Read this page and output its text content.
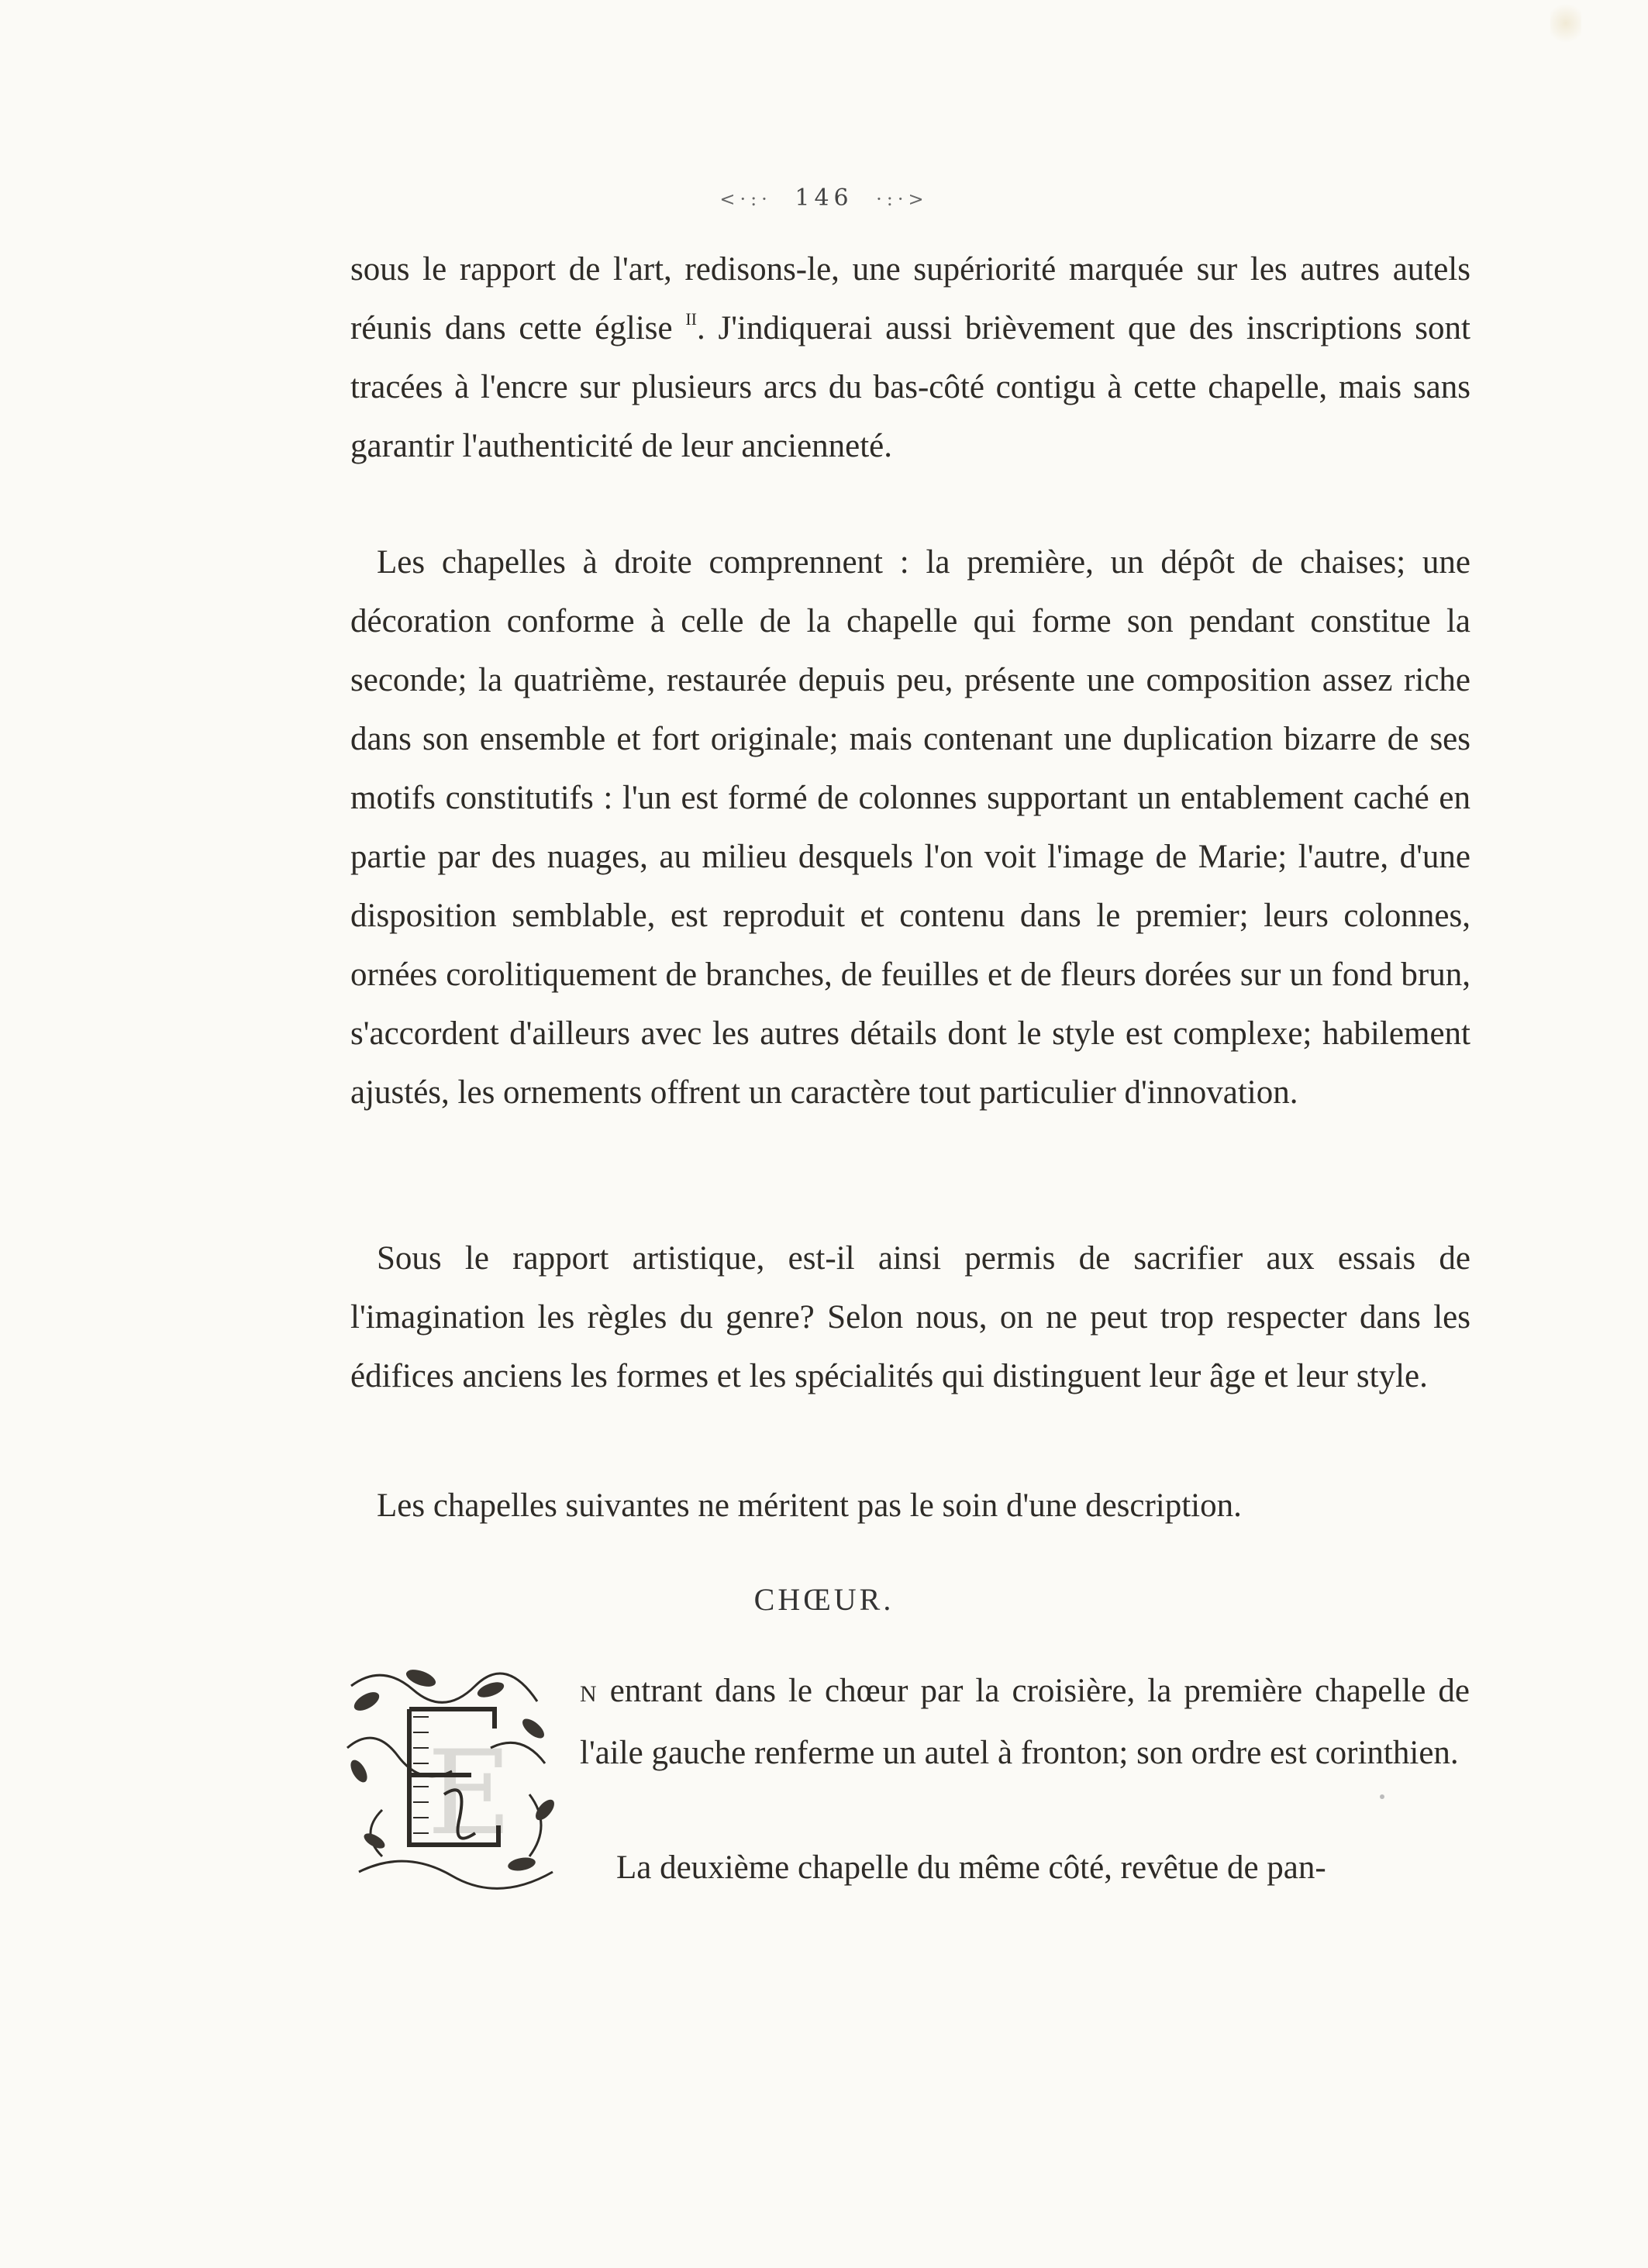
<·:· 146 ·:·>

sous le rapport de l'art, redisons-le, une supériorité marquée sur les autres autels réunis dans cette église $^{II}$. J'indiquerai aussi brièvement que des inscriptions sont tracées à l'encre sur plusieurs arcs du bas-côté contigu à cette chapelle, mais sans garantir l'authenticité de leur ancienneté.

Les chapelles à droite comprennent : la première, un dépôt de chaises; une décoration conforme à celle de la chapelle qui forme son pendant constitue la seconde; la quatrième, restaurée depuis peu, présente une composition assez riche dans son ensemble et fort originale; mais contenant une duplication bizarre de ses motifs constitutifs : l'un est formé de colonnes supportant un entablement caché en partie par des nuages, au milieu desquels l'on voit l'image de Marie; l'autre, d'une disposition semblable, est reproduit et contenu dans le premier; leurs colonnes, ornées corolitiquement de branches, de feuilles et de fleurs dorées sur un fond brun, s'accordent d'ailleurs avec les autres détails dont le style est complexe; habilement ajustés, les ornements offrent un caractère tout particulier d'innovation.

Sous le rapport artistique, est-il ainsi permis de sacrifier aux essais de l'imagination les règles du genre? Selon nous, on ne peut trop respecter dans les édifices anciens les formes et les spécialités qui distinguent leur âge et leur style.

Les chapelles suivantes ne méritent pas le soin d'une description.

CHŒUR.
E
N entrant dans le chœur par la croisière, la première chapelle de l'aile gauche renferme un autel à fronton; son ordre est corinthien.
La deuxième chapelle du même côté, revêtue de pan-
